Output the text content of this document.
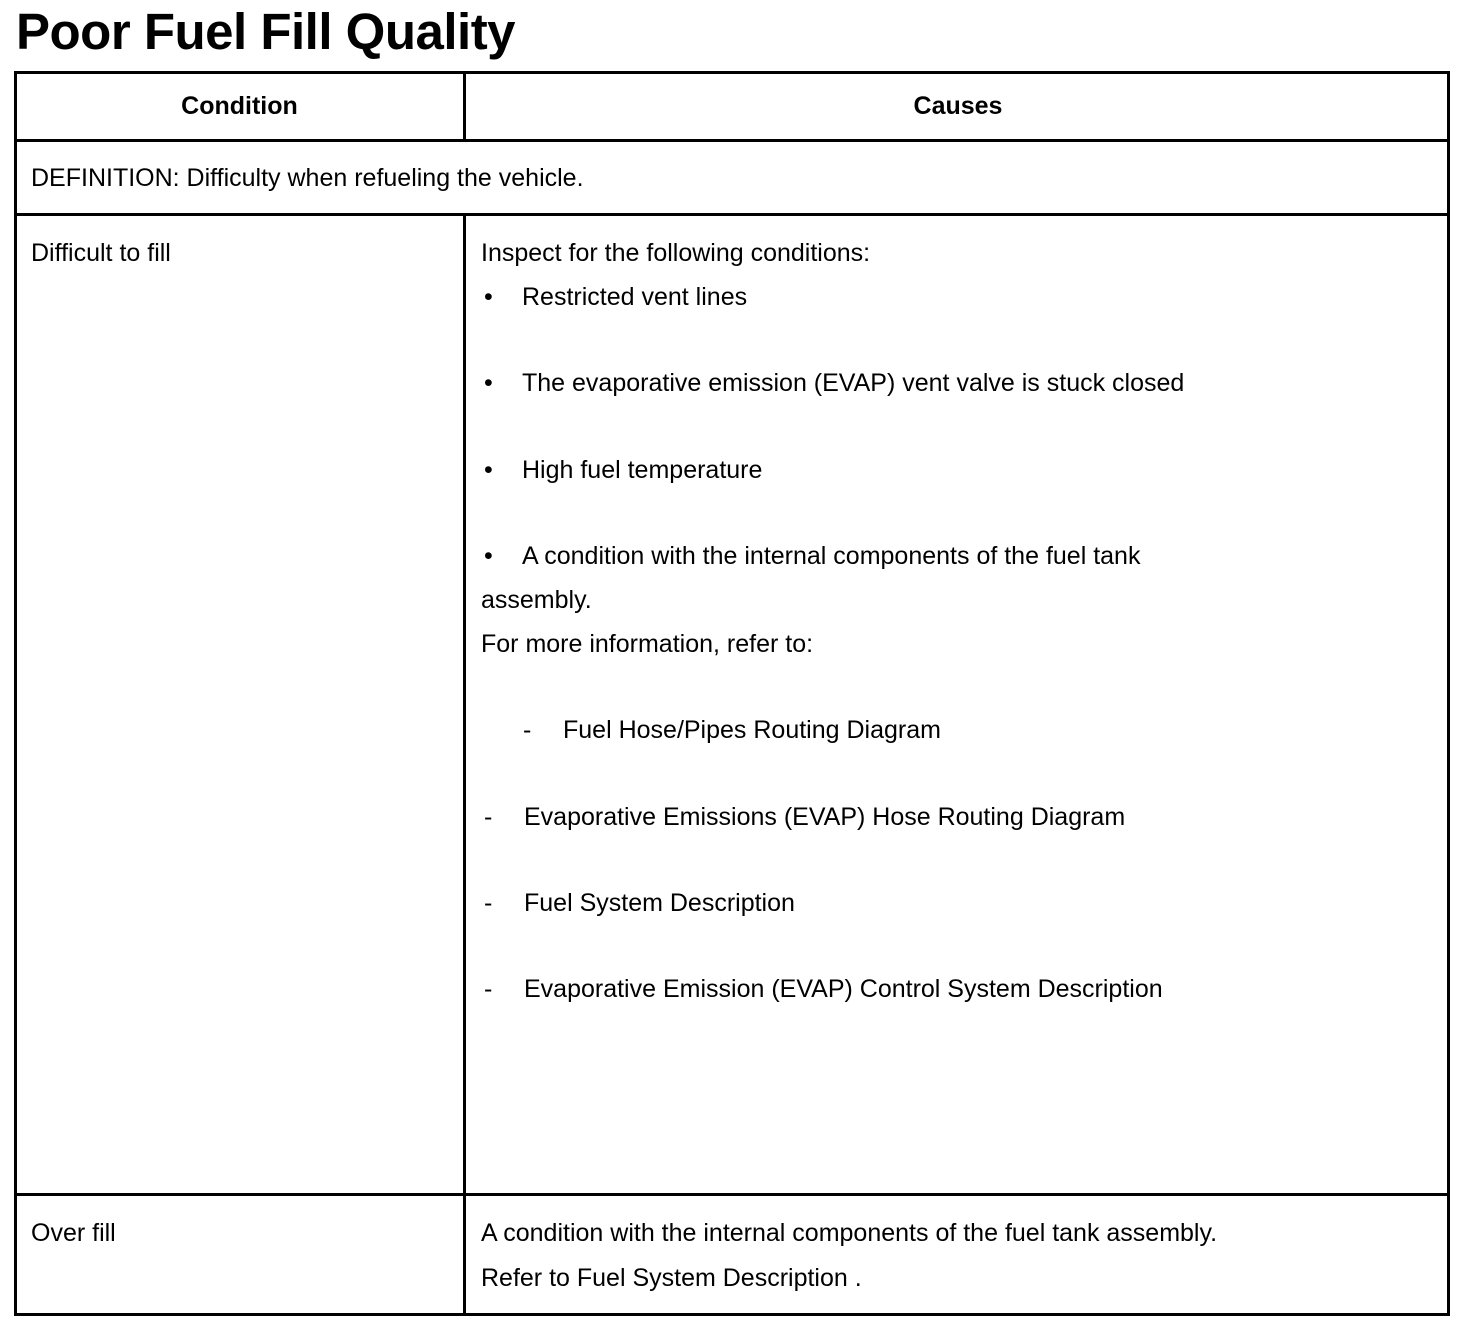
Poor Fuel Fill Quality
Condition	Causes
DEFINITION: Difficulty when refueling the vehicle.
Difficult to fill	Inspect for the following conditions:
• Restricted vent lines
• The evaporative emission (EVAP) vent valve is stuck closed
• High fuel temperature
• A condition with the internal components of the fuel tank
assembly.
For more information, refer to:
- Fuel Hose/Pipes Routing Diagram
- Evaporative Emissions (EVAP) Hose Routing Diagram
- Fuel System Description
- Evaporative Emission (EVAP) Control System Description
Over fill	A condition with the internal components of the fuel tank assembly.
Refer to Fuel System Description .
